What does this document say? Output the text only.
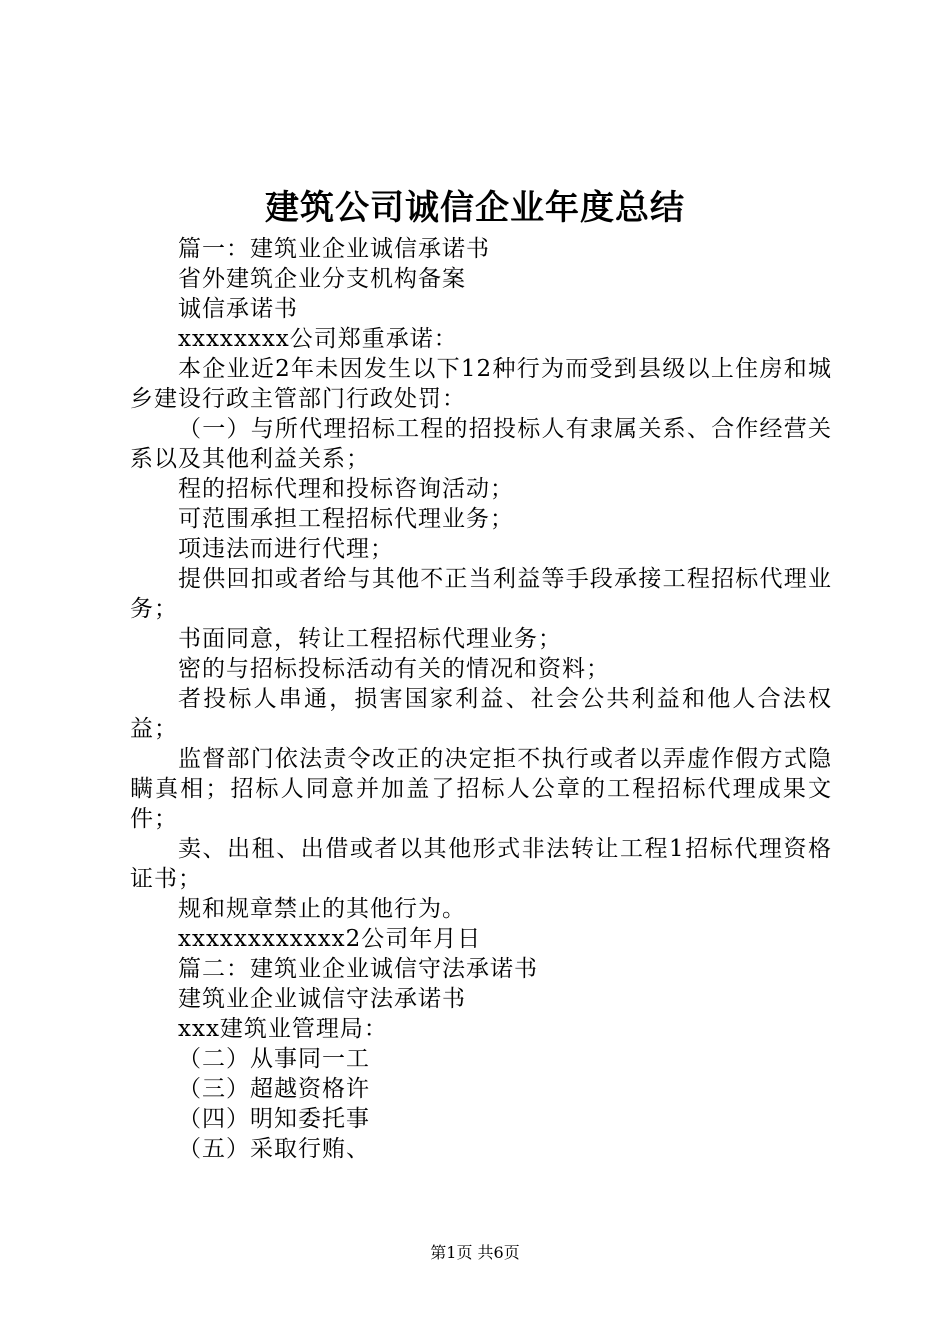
建筑公司诚信企业年度总结

篇一：建筑业企业诚信承诺书

省外建筑企业分支机构备案

诚信承诺书

xxxxxxxx公司郑重承诺：

本企业近2年未因发生以下12种行为而受到县级以上住房和城乡建设行政主管部门行政处罚：

（一）与所代理招标工程的招投标人有隶属关系、合作经营关系以及其他利益关系；

程的招标代理和投标咨询活动；

可范围承担工程招标代理业务；

项违法而进行代理；

提供回扣或者给与其他不正当利益等手段承接工程招标代理业务；

书面同意，转让工程招标代理业务；

密的与招标投标活动有关的情况和资料；

者投标人串通，损害国家利益、社会公共利益和他人合法权益；

监督部门依法责令改正的决定拒不执行或者以弄虚作假方式隐瞒真相；招标人同意并加盖了招标人公章的工程招标代理成果文件；

卖、出租、出借或者以其他形式非法转让工程1招标代理资格证书；

规和规章禁止的其他行为。

xxxxxxxxxxxx2公司年月日

篇二：建筑业企业诚信守法承诺书

建筑业企业诚信守法承诺书

xxx建筑业管理局：

（二）从事同一工

（三）超越资格许

（四）明知委托事

（五）采取行贿、

第1页 共6页
